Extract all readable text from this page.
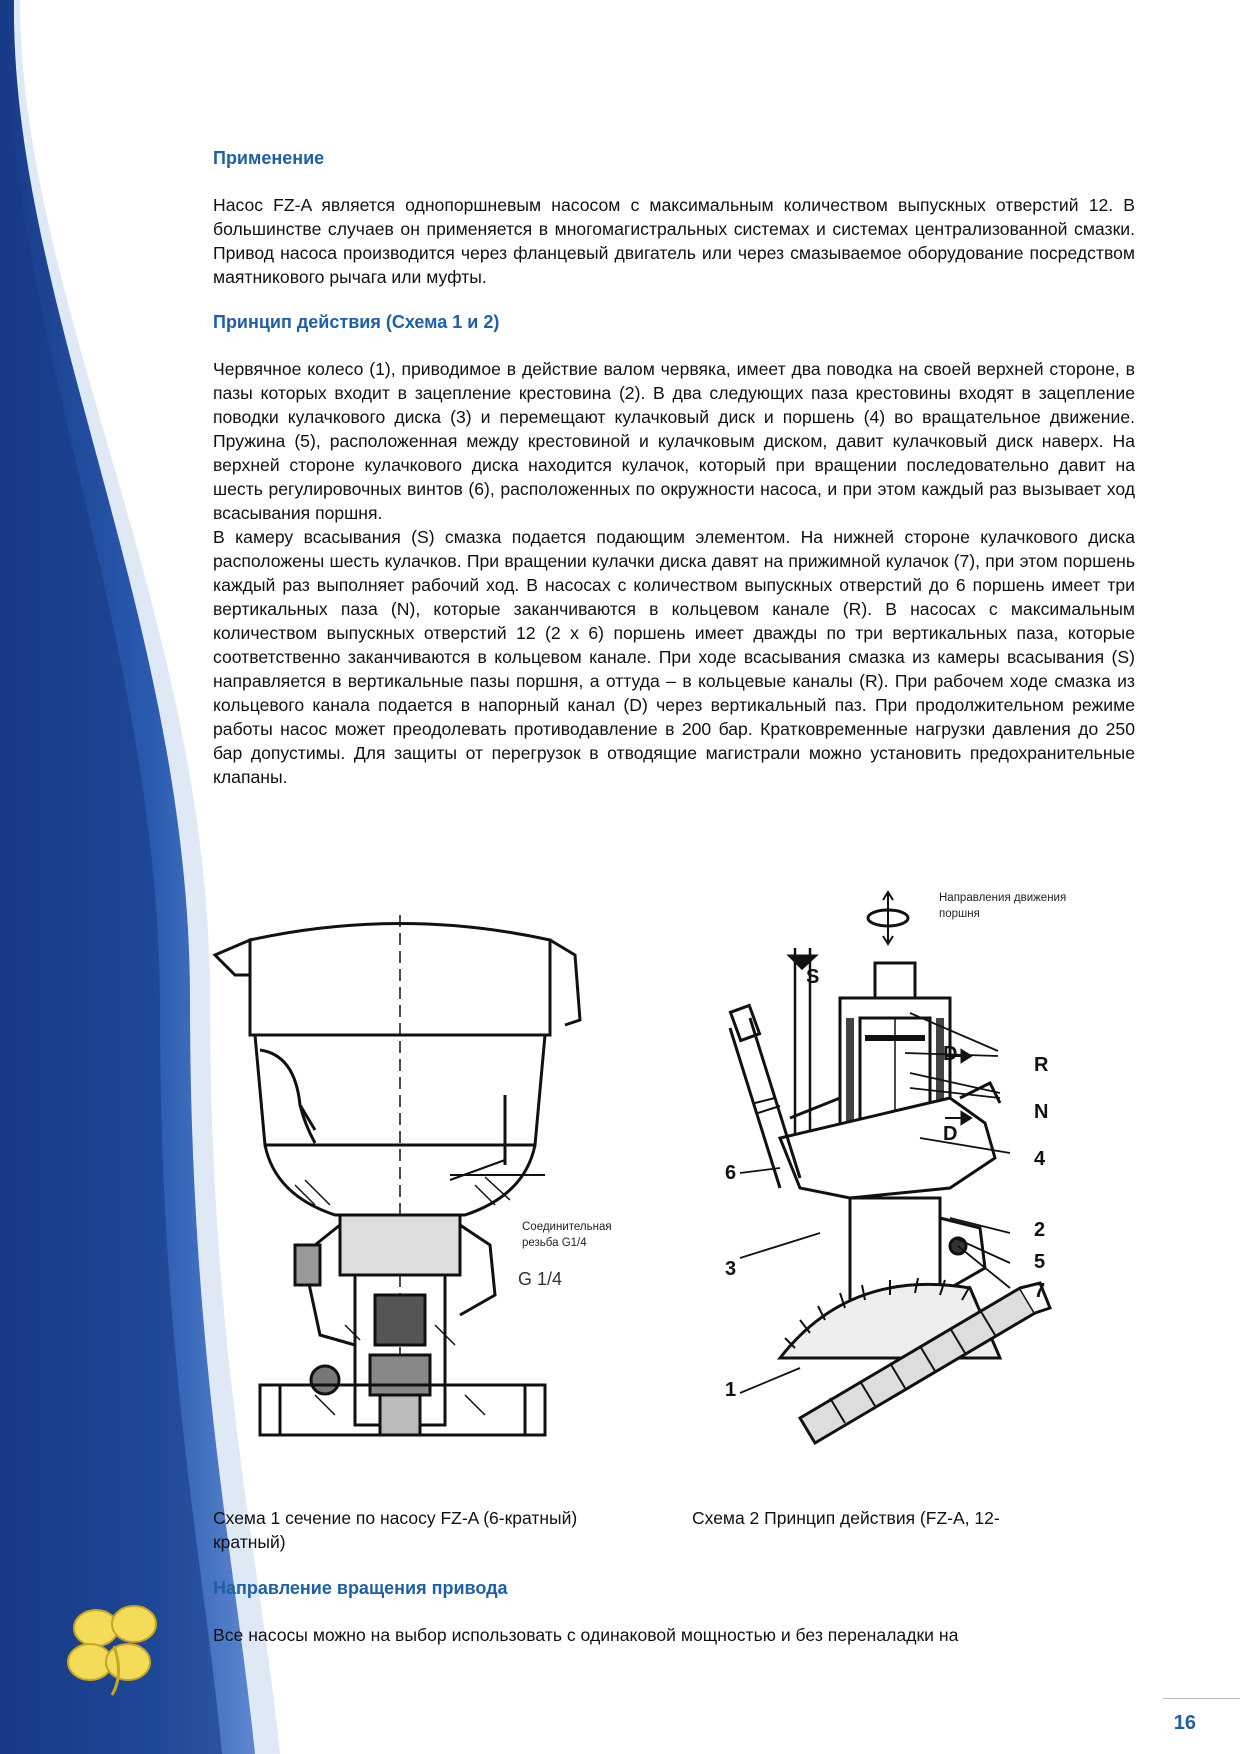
Применение

Насос FZ-A является однопоршневым насосом с максимальным количеством выпускных отверстий 12. В большинстве случаев он применяется в многомагистральных системах и системах централизованной смазки. Привод насоса производится через фланцевый двигатель или через смазываемое оборудование посредством маятникового рычага или муфты.

Принцип действия (Схема 1 и 2)

Червячное колесо (1), приводимое в действие валом червяка, имеет два поводка на своей верхней стороне, в пазы которых входит в зацепление крестовина (2). В два следующих паза крестовины входят в зацепление поводки кулачкового диска (3) и перемещают кулачковый диск и поршень (4) во вращательное движение. Пружина (5), расположенная между крестовиной и кулачковым диском, давит кулачковый диск наверх. На верхней стороне кулачкового диска находится кулачок, который при вращении последовательно давит на шесть регулировочных винтов (6), расположенных по окружности насоса, и при этом каждый раз вызывает ход всасывания поршня.

В камеру всасывания (S) смазка подается подающим элементом. На нижней стороне кулачкового диска расположены шесть кулачков. При вращении кулачки диска давят на прижимной кулачок (7), при этом поршень каждый раз выполняет рабочий ход. В насосах с количеством выпускных отверстий до 6 поршень имеет три вертикальных паза (N), которые заканчиваются в кольцевом канале (R). В насосах с максимальным количеством выпускных отверстий 12 (2 x 6) поршень имеет дважды по три вертикальных паза, которые соответственно заканчиваются в кольцевом канале. При ходе всасывания смазка из камеры всасывания (S) направляется в вертикальные пазы поршня, а оттуда – в кольцевые каналы (R). При рабочем ходе смазка из кольцевого канала подается в напорный канал (D) через вертикальный паз. При продолжительном режиме работы насос может преодолевать противодавление в 200 бар. Кратковременные нагрузки давления до 250 бар допустимы. Для защиты от перегрузок в отводящие магистрали можно установить предохранительные клапаны.

Соединительная
резьба G1/4
G 1/4
Направления движения
поршня
S
D
D
R
N
4
6
3
2
5
7
1
Схема 1 сечение по насосу FZ-A (6-кратный)	Схема 2 Принцип действия (FZ-A, 12-
кратный)
Направление вращения привода

Все насосы можно на выбор использовать с одинаковой мощностью и без переналадки на

16
